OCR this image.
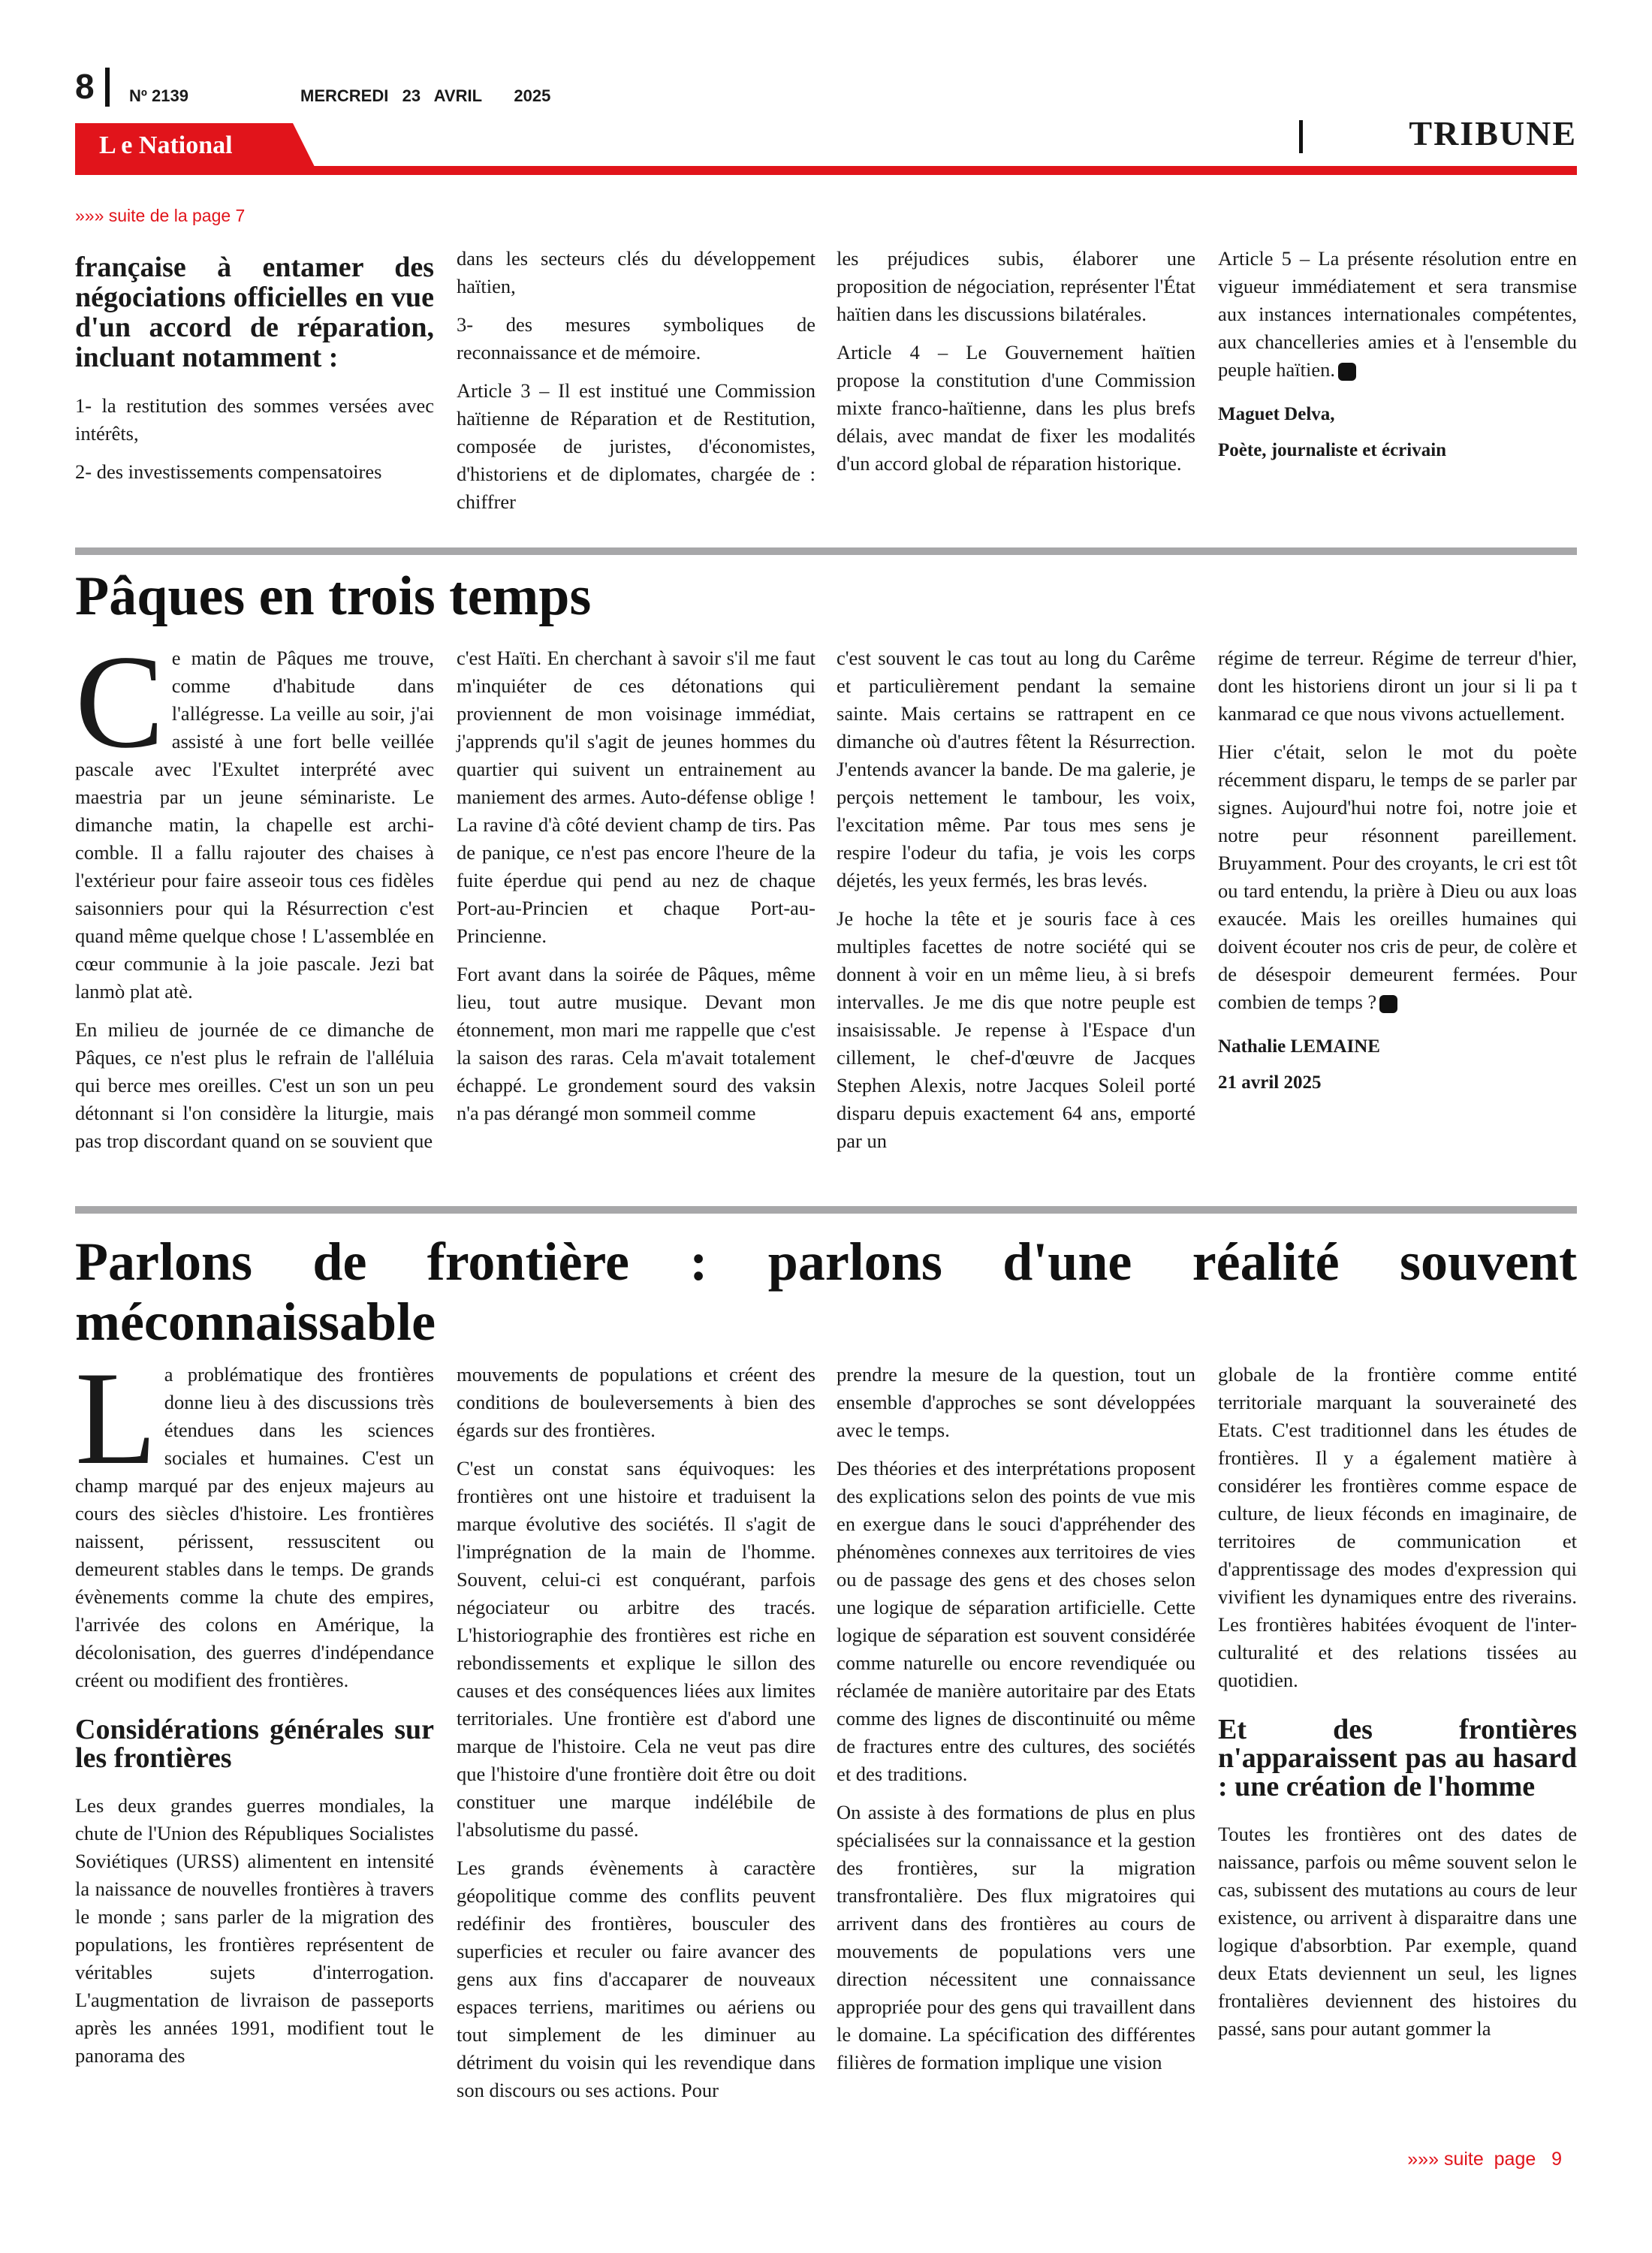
8 Nº 2139	MERCREDI   23   AVRIL       2025
L e National	TRIBUNE
»»» suite de la page 7

française à entamer des négociations officielles en vue d'un accord de réparation, incluant notamment :

1- la restitution des sommes versées avec intérêts,

2- des investissements compensatoires

dans les secteurs clés du développement haïtien,

3- des mesures symboliques de reconnaissance et de mémoire.

Article 3 – Il est institué une Commission haïtienne de Réparation et de Restitution, composée de juristes, d'économistes, d'historiens et de diplomates, chargée de : chiffrer

les préjudices subis, élaborer une proposition de négociation, représenter l'État haïtien dans les discussions bilatérales.

Article 4 – Le Gouvernement haïtien propose la constitution d'une Commission mixte franco-haïtienne, dans les plus brefs délais, avec mandat de fixer les modalités d'un accord global de réparation historique.

Article 5 – La présente résolution entre en vigueur immédiatement et sera transmise aux instances internationales compétentes, aux chancelleries amies et à l'ensemble du peuple haïtien.

Maguet Delva,
Poète, journaliste et écrivain
Pâques en trois temps

Ce matin de Pâques me trouve, comme d'habitude dans l'allégresse. La veille au soir, j'ai assisté à une fort belle veillée pascale avec l'Exultet interprété avec maestria par un jeune séminariste. Le dimanche matin, la chapelle est archi-comble. Il a fallu rajouter des chaises à l'extérieur pour faire asseoir tous ces fidèles saisonniers pour qui la Résurrection c'est quand même quelque chose ! L'assemblée en cœur communie à la joie pascale. Jezi bat lanmò plat atè.

En milieu de journée de ce dimanche de Pâques, ce n'est plus le refrain de l'alléluia qui berce mes oreilles. C'est un son un peu détonnant si l'on considère la liturgie, mais pas trop discordant quand on se souvient que

c'est Haïti. En cherchant à savoir s'il me faut m'inquiéter de ces détonations qui proviennent de mon voisinage immédiat, j'apprends qu'il s'agit de jeunes hommes du quartier qui suivent un entrainement au maniement des armes. Auto-défense oblige ! La ravine d'à côté devient champ de tirs. Pas de panique, ce n'est pas encore l'heure de la fuite éperdue qui pend au nez de chaque Port-au-Princien et chaque Port-au-Princienne.

Fort avant dans la soirée de Pâques, même lieu, tout autre musique. Devant mon étonnement, mon mari me rappelle que c'est la saison des raras. Cela m'avait totalement échappé. Le grondement sourd des vaksin n'a pas dérangé mon sommeil comme

c'est souvent le cas tout au long du Carême et particulièrement pendant la semaine sainte. Mais certains se rattrapent en ce dimanche où d'autres fêtent la Résurrection. J'entends avancer la bande. De ma galerie, je perçois nettement le tambour, les voix, l'excitation même. Par tous mes sens je respire l'odeur du tafia, je vois les corps déjetés, les yeux fermés, les bras levés.

Je hoche la tête et je souris face à ces multiples facettes de notre société qui se donnent à voir en un même lieu, à si brefs intervalles. Je me dis que notre peuple est insaisissable. Je repense à l'Espace d'un cillement, le chef-d'œuvre de Jacques Stephen Alexis, notre Jacques Soleil porté disparu depuis exactement 64 ans, emporté par un

régime de terreur. Régime de terreur d'hier, dont les historiens diront un jour si li pa t kanmarad ce que nous vivons actuellement.

Hier c'était, selon le mot du poète récemment disparu, le temps de se parler par signes. Aujourd'hui notre foi, notre joie et notre peur résonnent pareillement. Bruyamment. Pour des croyants, le cri est tôt ou tard entendu, la prière à Dieu ou aux loas exaucée. Mais les oreilles humaines qui doivent écouter nos cris de peur, de colère et de désespoir demeurent fermées. Pour combien de temps ?

Nathalie LEMAINE
21 avril 2025
Parlons de frontière : parlons d'une réalité souvent méconnaissable

La problématique des frontières donne lieu à des discussions très étendues dans les sciences sociales et humaines. C'est un champ marqué par des enjeux majeurs au cours des siècles d'histoire. Les frontières naissent, périssent, ressuscitent ou demeurent stables dans le temps. De grands évènements comme la chute des empires, l'arrivée des colons en Amérique, la décolonisation, des guerres d'indépendance créent ou modifient des frontières.

Considérations générales sur les frontières

Les deux grandes guerres mondiales, la chute de l'Union des Républiques Socialistes Soviétiques (URSS) alimentent en intensité la naissance de nouvelles frontières à travers le monde ; sans parler de la migration des populations, les frontières représentent de véritables sujets d'interrogation. L'augmentation de livraison de passeports après les années 1991, modifient tout le panorama des

mouvements de populations et créent des conditions de bouleversements à bien des égards sur des frontières.

C'est un constat sans équivoques: les frontières ont une histoire et traduisent la marque évolutive des sociétés. Il s'agit de l'imprégnation de la main de l'homme. Souvent, celui-ci est conquérant, parfois négociateur ou arbitre des tracés. L'historiographie des frontières est riche en rebondissements et explique le sillon des causes et des conséquences liées aux limites territoriales. Une frontière est d'abord une marque de l'histoire. Cela ne veut pas dire que l'histoire d'une frontière doit être ou doit constituer une marque indélébile de l'absolutisme du passé.

Les grands évènements à caractère géopolitique comme des conflits peuvent redéfinir des frontières, bousculer des superficies et reculer ou faire avancer des gens aux fins d'accaparer de nouveaux espaces terriens, maritimes ou aériens ou tout simplement de les diminuer au détriment du voisin qui les revendique dans son discours ou ses actions. Pour

prendre la mesure de la question, tout un ensemble d'approches se sont développées avec le temps.

Des théories et des interprétations proposent des explications selon des points de vue mis en exergue dans le souci d'appréhender des phénomènes connexes aux territoires de vies ou de passage des gens et des choses selon une logique de séparation artificielle. Cette logique de séparation est souvent considérée comme naturelle ou encore revendiquée ou réclamée de manière autoritaire par des Etats comme des lignes de discontinuité ou même de fractures entre des cultures, des sociétés et des traditions.

On assiste à des formations de plus en plus spécialisées sur la connaissance et la gestion des frontières, sur la migration transfrontalière. Des flux migratoires qui arrivent dans des frontières au cours de mouvements de populations vers une direction nécessitent une connaissance appropriée pour des gens qui travaillent dans le domaine. La spécification des différentes filières de formation implique une vision

globale de la frontière comme entité territoriale marquant la souveraineté des Etats. C'est traditionnel dans les études de frontières. Il y a également matière à considérer les frontières comme espace de culture, de lieux féconds en imaginaire, de territoires de communication et d'apprentissage des modes d'expression qui vivifient les dynamiques entre des riverains. Les frontières habitées évoquent de l'inter-culturalité et des relations tissées au quotidien.

Et des frontières n'apparaissent pas au hasard : une création de l'homme

Toutes les frontières ont des dates de naissance, parfois ou même souvent selon le cas, subissent des mutations au cours de leur existence, ou arrivent à disparaitre dans une logique d'absorbtion. Par exemple, quand deux Etats deviennent un seul, les lignes frontalières deviennent des histoires du passé, sans pour autant gommer la

»»» suite  page   9
